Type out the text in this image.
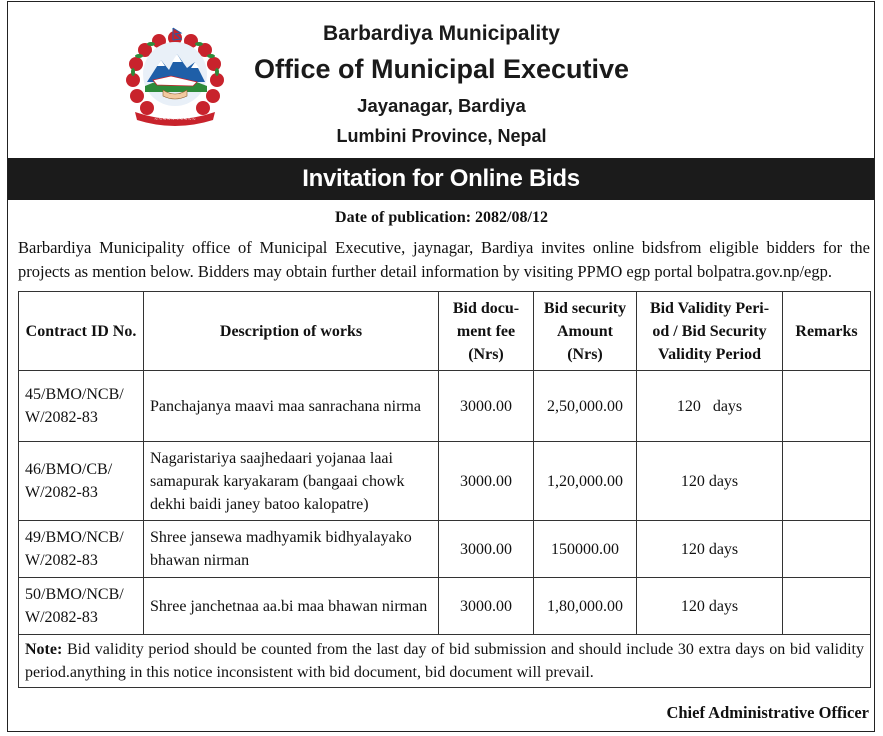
~~~~~~~~~~
Barbardiya Municipality
Office of Municipal Executive
Jayanagar, Bardiya
Lumbini Province, Nepal
Invitation for Online Bids
Date of publication: 2082/08/12
Barbardiya Municipality office of Municipal Executive, jaynagar, Bardiya invites online bidsfrom eligible bidders for the projects as mention below. Bidders may obtain further detail information by visiting PPMO egp portal bolpatra.gov.np/egp.
Contract ID No.	Description of works	Bid docu-ment fee (Nrs)	Bid security Amount (Nrs)	Bid Validity Peri-od / Bid Security Validity Period	Remarks
45/BMO/NCB/ W/2082-83	Panchajanya maavi maa sanrachana nirma	3000.00	2,50,000.00	120   days	
46/BMO/CB/ W/2082-83	Nagaristariya saajhedaari yojanaa laai samapurak karyakaram (bangaai chowk dekhi baidi janey batoo kalopatre)	3000.00	1,20,000.00	120 days	
49/BMO/NCB/ W/2082-83	Shree jansewa madhyamik bidhyalayako bhawan nirman	3000.00	150000.00	120 days	
50/BMO/NCB/ W/2082-83	Shree janchetnaa aa.bi maa bhawan nirman	3000.00	1,80,000.00	120 days	
Note: Bid validity period should be counted from the last day of bid submission and should include 30 extra days on bid validity period.anything in this notice inconsistent with bid document, bid document will prevail.					
Chief Administrative Officer
